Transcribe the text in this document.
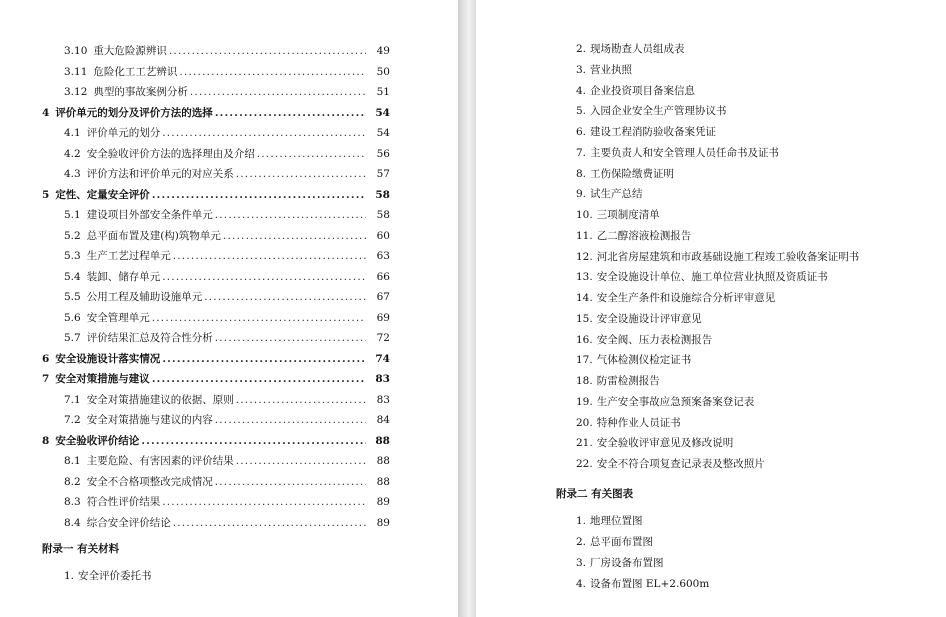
3.10 重大危险源辨识 .....	49
3.11 危险化工工艺辨识 .....	50
3.12 典型的事故案例分析 .....	51
4 评价单元的划分及评价方法的选择 .....	54
4.1 评价单元的划分 .....	54
4.2 安全验收评价方法的选择理由及介绍 .....	56
4.3 评价方法和评价单元的对应关系 .....	57
5 定性、定量安全评价 .....	58
5.1 建设项目外部安全条件单元 .....	58
5.2 总平面布置及建(构)筑物单元 .....	60
5.3 生产工艺过程单元 .....	63
5.4 装卸、储存单元 .....	66
5.5 公用工程及辅助设施单元 .....	67
5.6 安全管理单元 .....	69
5.7 评价结果汇总及符合性分析 .....	72
6 安全设施设计落实情况 .....	74
7 安全对策措施与建议 .....	83
7.1 安全对策措施建议的依据、原则 .....	83
7.2 安全对策措施与建议的内容 .....	84
8 安全验收评价结论 .....	88
8.1 主要危险、有害因素的评价结果 .....	88
8.2 安全不合格项整改完成情况 .....	88
8.3 符合性评价结果 .....	89
8.4 综合安全评价结论 .....	89
附录一 有关材料
1. 安全评价委托书
2. 现场勘查人员组成表
3. 营业执照
4. 企业投资项目备案信息
5. 入园企业安全生产管理协议书
6. 建设工程消防验收备案凭证
7. 主要负责人和安全管理人员任命书及证书
8. 工伤保险缴费证明
9. 试生产总结
10. 三项制度清单
11. 乙二醇溶液检测报告
12. 河北省房屋建筑和市政基础设施工程竣工验收备案证明书
13. 安全设施设计单位、施工单位营业执照及资质证书
14. 安全生产条件和设施综合分析评审意见
15. 安全设施设计评审意见
16. 安全阀、压力表检测报告
17. 气体检测仪检定证书
18. 防雷检测报告
19. 生产安全事故应急预案备案登记表
20. 特种作业人员证书
21. 安全验收评审意见及修改说明
22. 安全不符合项复查记录表及整改照片
附录二 有关图表
1. 地理位置图
2. 总平面布置图
3. 厂房设备布置图
4. 设备布置图 EL+2.600m
